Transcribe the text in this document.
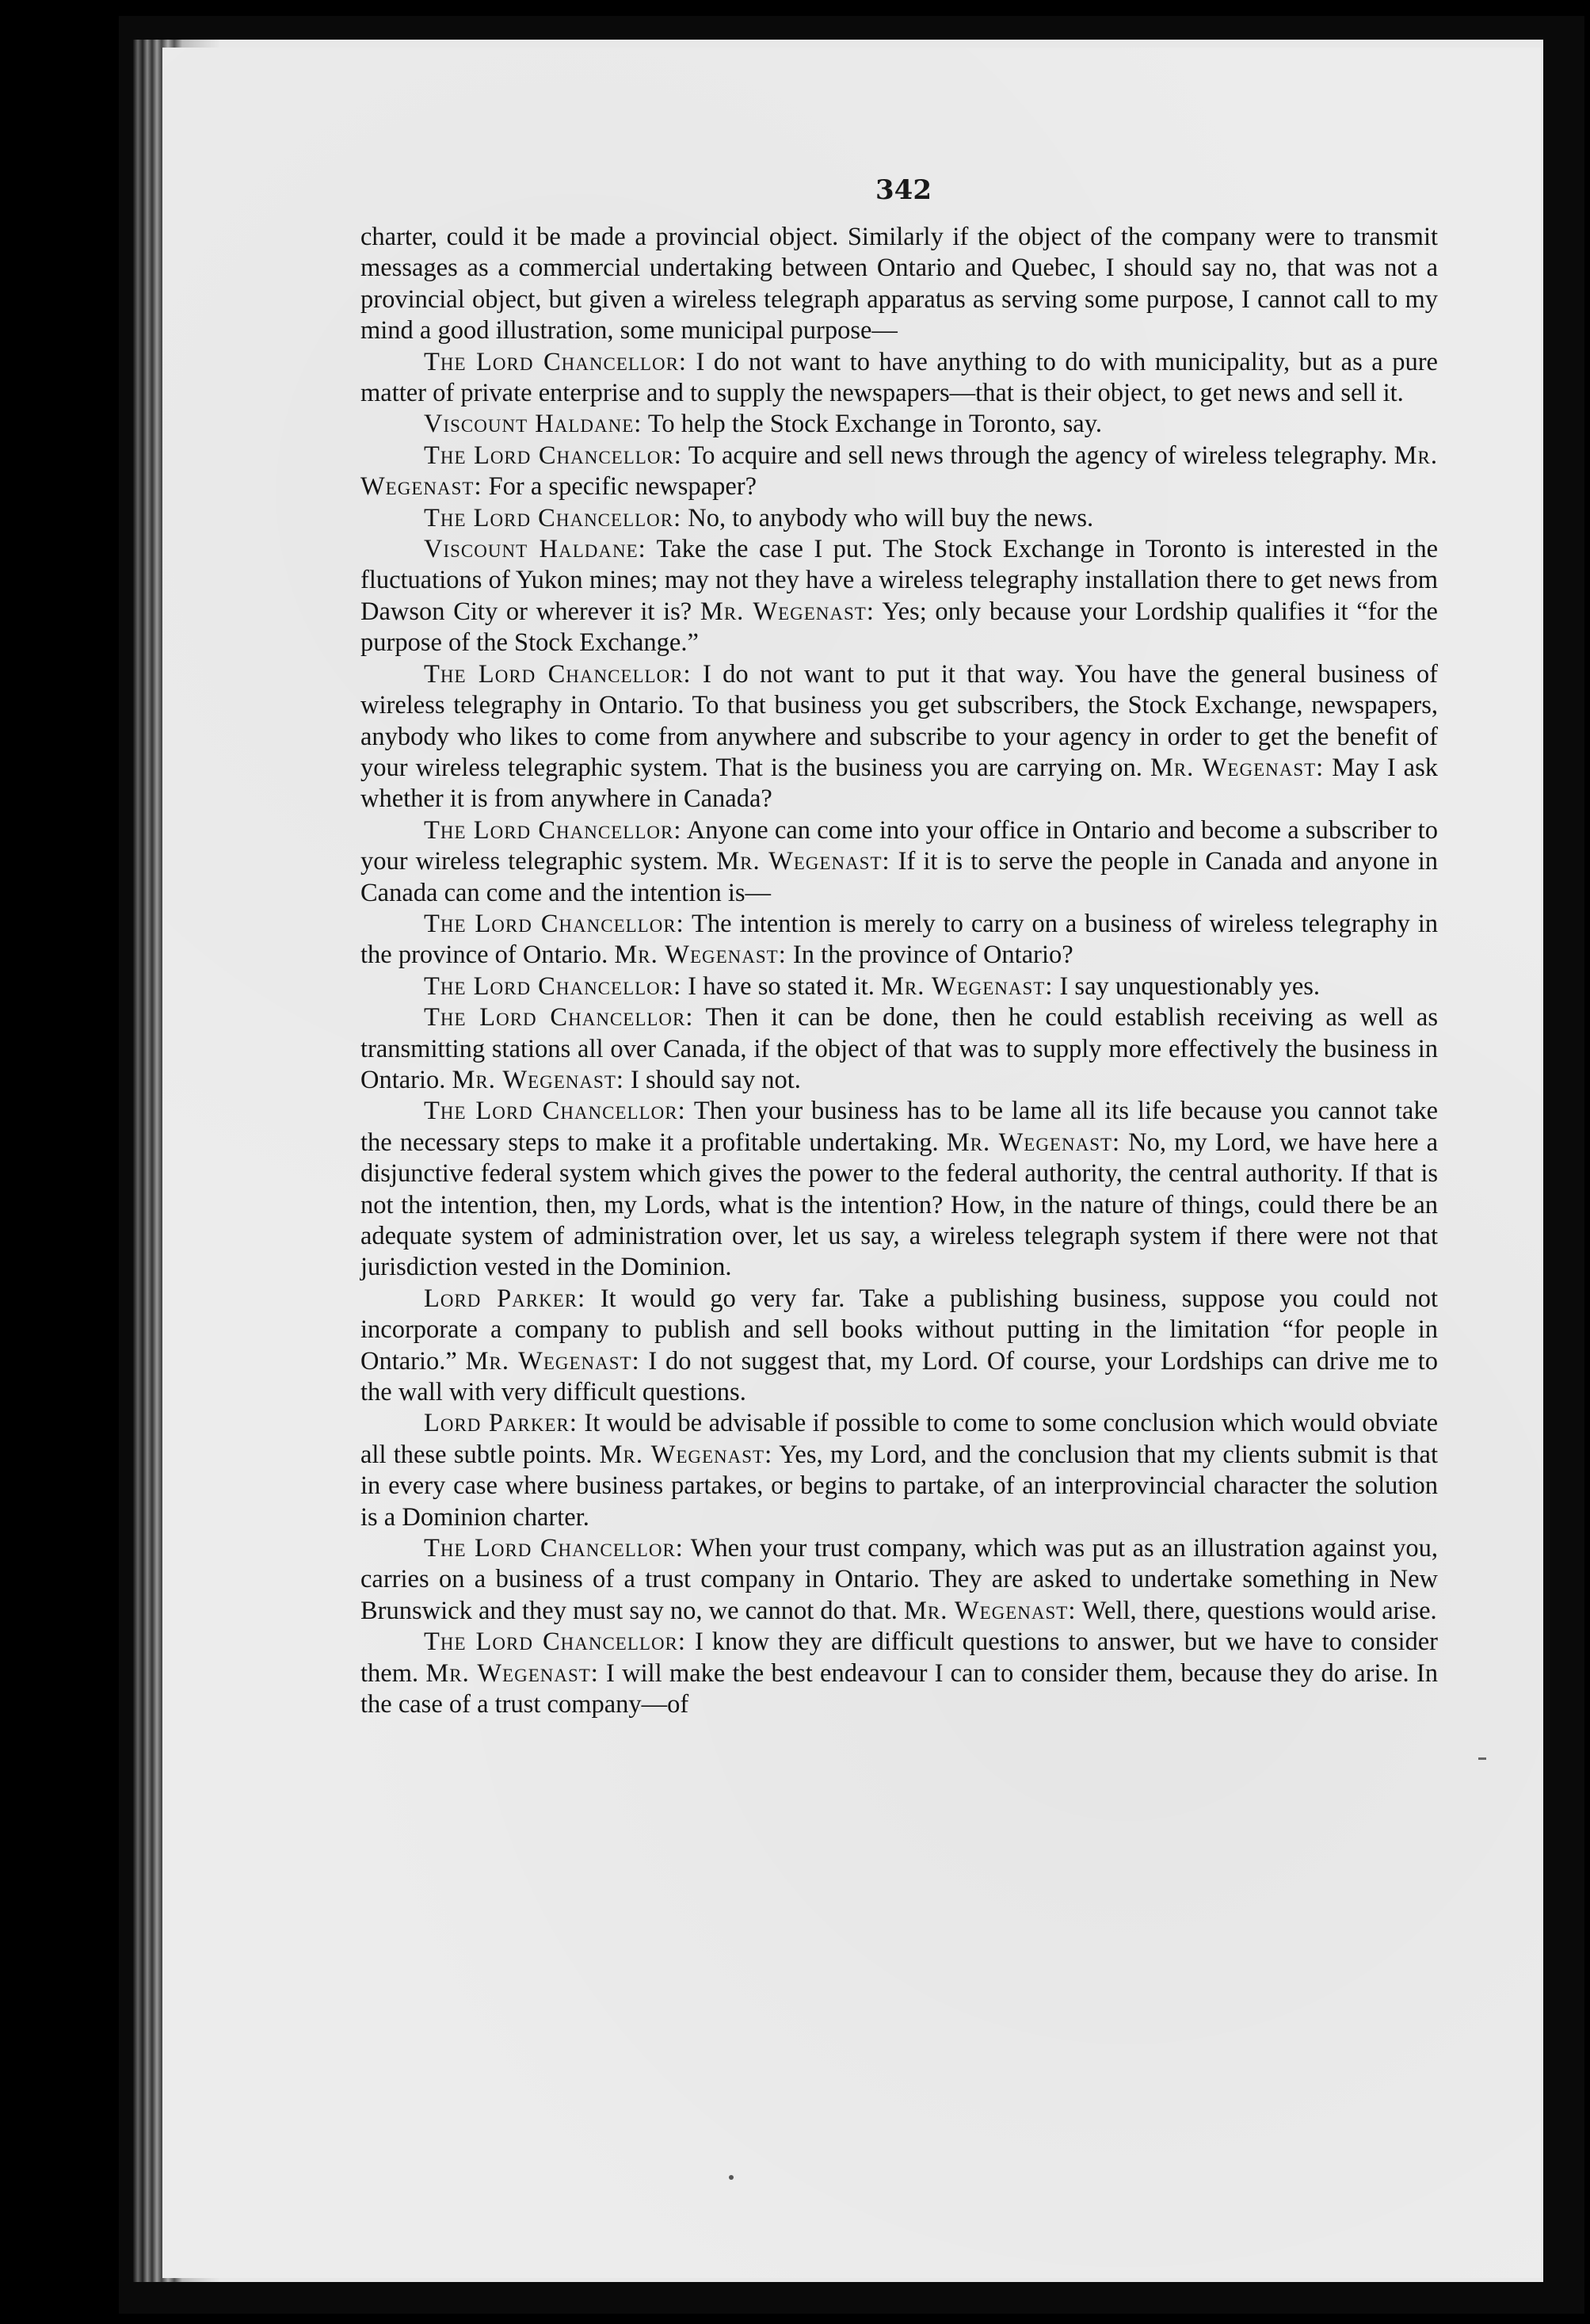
342

charter, could it be made a provincial object. Similarly if the object of the company were to transmit messages as a commercial undertaking between Ontario and Quebec, I should say no, that was not a provincial object, but given a wireless telegraph apparatus as serving some purpose, I cannot call to my mind a good illustration, some municipal purpose—

The Lord Chancellor: I do not want to have anything to do with municipality, but as a pure matter of private enterprise and to supply the newspapers—that is their object, to get news and sell it.

Viscount Haldane: To help the Stock Exchange in Toronto, say.

The Lord Chancellor: To acquire and sell news through the agency of wireless telegraphy. Mr. Wegenast: For a specific newspaper?

The Lord Chancellor: No, to anybody who will buy the news.

Viscount Haldane: Take the case I put. The Stock Exchange in Toronto is interested in the fluctuations of Yukon mines; may not they have a wireless telegraphy installation there to get news from Dawson City or wherever it is? Mr. Wegenast: Yes; only because your Lordship qualifies it “for the purpose of the Stock Exchange.”

The Lord Chancellor: I do not want to put it that way. You have the general business of wireless telegraphy in Ontario. To that business you get subscribers, the Stock Exchange, newspapers, anybody who likes to come from anywhere and subscribe to your agency in order to get the benefit of your wireless telegraphic system. That is the business you are carrying on. Mr. Wegenast: May I ask whether it is from anywhere in Canada?

The Lord Chancellor: Anyone can come into your office in Ontario and become a subscriber to your wireless telegraphic system. Mr. Wegenast: If it is to serve the people in Canada and anyone in Canada can come and the intention is—

The Lord Chancellor: The intention is merely to carry on a business of wireless telegraphy in the province of Ontario. Mr. Wegenast: In the province of Ontario?

The Lord Chancellor: I have so stated it. Mr. Wegenast: I say unquestionably yes.

The Lord Chancellor: Then it can be done, then he could establish receiving as well as transmitting stations all over Canada, if the object of that was to supply more effectively the business in Ontario. Mr. Wegenast: I should say not.

The Lord Chancellor: Then your business has to be lame all its life because you cannot take the necessary steps to make it a profitable undertaking. Mr. Wegenast: No, my Lord, we have here a disjunctive federal system which gives the power to the federal authority, the central authority. If that is not the intention, then, my Lords, what is the intention? How, in the nature of things, could there be an adequate system of administration over, let us say, a wireless telegraph system if there were not that jurisdiction vested in the Dominion.

Lord Parker: It would go very far. Take a publishing business, suppose you could not incorporate a company to publish and sell books without putting in the limitation “for people in Ontario.” Mr. Wegenast: I do not suggest that, my Lord. Of course, your Lordships can drive me to the wall with very difficult questions.

Lord Parker: It would be advisable if possible to come to some conclusion which would obviate all these subtle points. Mr. Wegenast: Yes, my Lord, and the conclusion that my clients submit is that in every case where business partakes, or begins to partake, of an interprovincial character the solution is a Dominion charter.

The Lord Chancellor: When your trust company, which was put as an illustration against you, carries on a business of a trust company in Ontario. They are asked to undertake something in New Brunswick and they must say no, we cannot do that. Mr. Wegenast: Well, there, questions would arise.

The Lord Chancellor: I know they are difficult questions to answer, but we have to consider them. Mr. Wegenast: I will make the best endeavour I can to consider them, because they do arise. In the case of a trust company—of
